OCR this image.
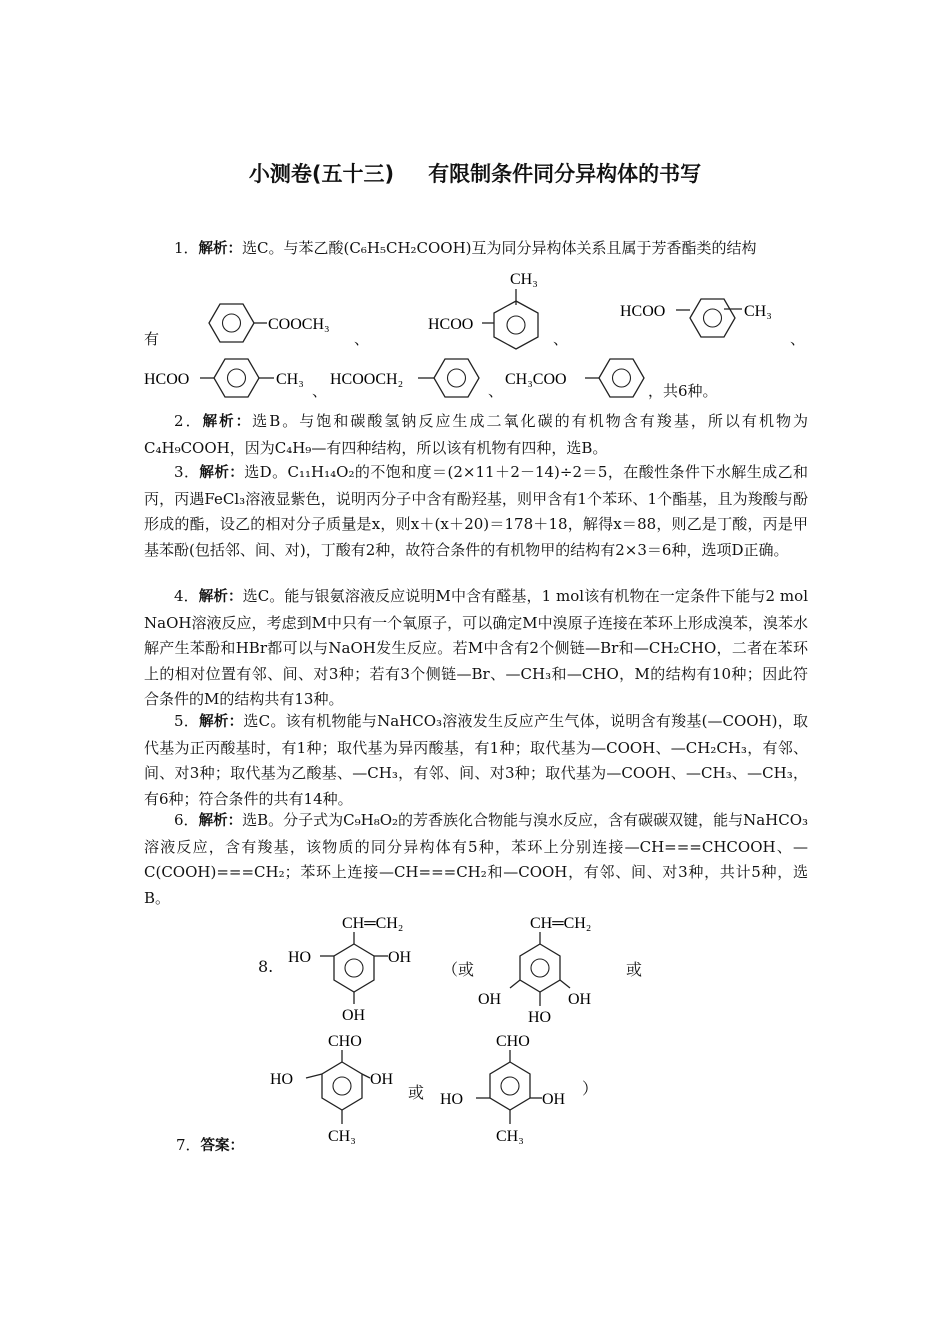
小测卷(五十三) 有限制条件同分异构体的书写
1．解析：选C。与苯乙酸(C₆H₅CH₂COOH)互为同分异构体关系且属于芳香酯类的结构
有
COOCH₃
、
CH₃
HCOO
、
HCOO	CH₃
、
HCOO	CH₃
、
HCOOCH₂
、
CH₃COO
，共6种。
2．解析：选B。与饱和碳酸氢钠反应生成二氧化碳的有机物含有羧基，所以有机物为C₄H₉COOH，因为C₄H₉—有四种结构，所以该有机物有四种，选B。
3．解析：选D。C₁₁H₁₄O₂的不饱和度＝(2×11＋2－14)÷2＝5，在酸性条件下水解生成乙和丙，丙遇FeCl₃溶液显紫色，说明丙分子中含有酚羟基，则甲含有1个苯环、1个酯基，且为羧酸与酚形成的酯，设乙的相对分子质量是x，则x＋(x＋20)＝178＋18，解得x＝88，则乙是丁酸，丙是甲基苯酚(包括邻、间、对)，丁酸有2种，故符合条件的有机物甲的结构有2×3＝6种，选项D正确。
4．解析：选C。能与银氨溶液反应说明M中含有醛基，1 mol该有机物在一定条件下能与2 mol NaOH溶液反应，考虑到M中只有一个氧原子，可以确定M中溴原子连接在苯环上形成溴苯，溴苯水解产生苯酚和HBr都可以与NaOH发生反应。若M中含有2个侧链—Br和—CH₂CHO，二者在苯环上的相对位置有邻、间、对3种；若有3个侧链—Br、—CH₃和—CHO，M的结构有10种；因此符合条件的M的结构共有13种。
5．解析：选C。该有机物能与NaHCO₃溶液发生反应产生气体，说明含有羧基(—COOH)，取代基为正丙酸基时，有1种；取代基为异丙酸基，有1种；取代基为—COOH、—CH₂CH₃，有邻、间、对3种；取代基为乙酸基、—CH₃，有邻、间、对3种；取代基为—COOH、—CH₃、—CH₃，有6种；符合条件的共有14种。
6．解析：选B。分子式为C₉H₈O₂的芳香族化合物能与溴水反应，含有碳碳双键，能与NaHCO₃溶液反应，含有羧基，该物质的同分异构体有5种，苯环上分别连接—CH===CHCOOH、—C(COOH)===CH₂；苯环上连接—CH===CH₂和—COOH，有邻、间、对3种，共计5种，选B。
8.
CH═CH₂
HO	OH
OH
（或
CH═CH₂
OH	OH
HO
或
CHO
HO	OH
CH₃
或
CHO
HO	OH
CH₃
）
7．答案：
